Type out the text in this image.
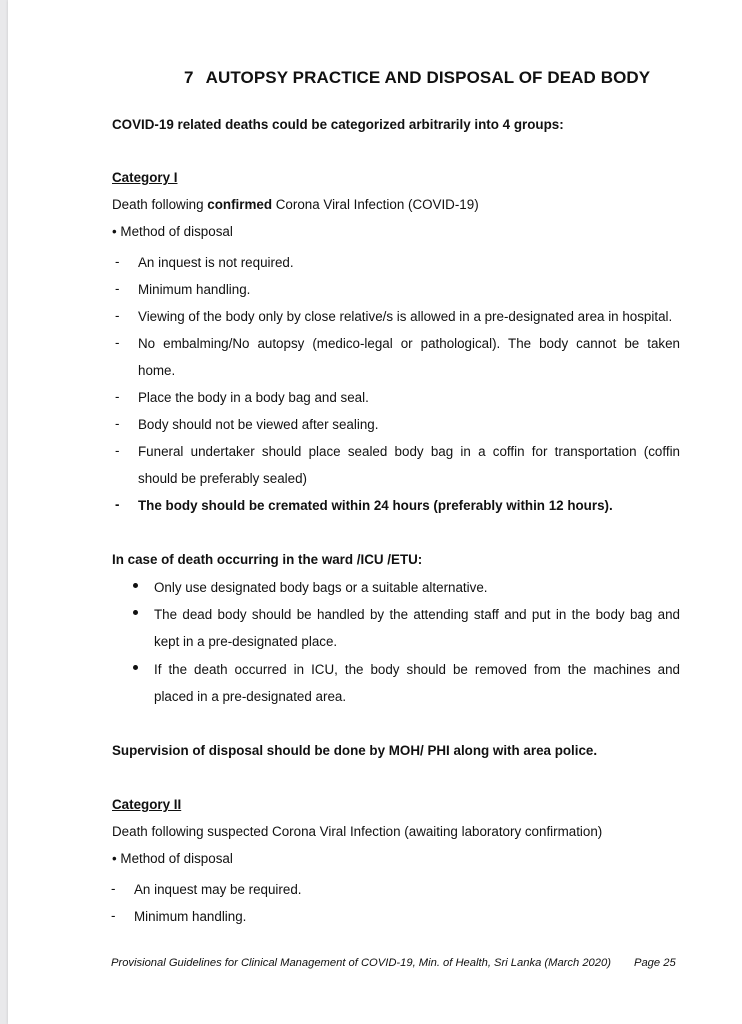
7 AUTOPSY PRACTICE AND DISPOSAL OF DEAD BODY
COVID-19 related deaths could be categorized arbitrarily into 4 groups:
Category I
Death following confirmed Corona Viral Infection (COVID-19)
• Method of disposal
- An inquest is not required.
- Minimum handling.
- Viewing of the body only by close relative/s is allowed in a pre-designated area in hospital.
- No embalming/No autopsy (medico-legal or pathological). The body cannot be taken
home.
- Place the body in a body bag and seal.
- Body should not be viewed after sealing.
- Funeral undertaker should place sealed body bag in a coffin for transportation (coffin
should be preferably sealed)
- The body should be cremated within 24 hours (preferably within 12 hours).
In case of death occurring in the ward /ICU /ETU:
Only use designated body bags or a suitable alternative.
The dead body should be handled by the attending staff and put in the body bag and
kept in a pre-designated place.
If the death occurred in ICU, the body should be removed from the machines and
placed in a pre-designated area.
Supervision of disposal should be done by MOH/ PHI along with area police.
Category II
Death following suspected Corona Viral Infection (awaiting laboratory confirmation)
• Method of disposal
- An inquest may be required.
- Minimum handling.
Provisional Guidelines for Clinical Management of COVID-19, Min. of Health, Sri Lanka (March 2020) Page 25
